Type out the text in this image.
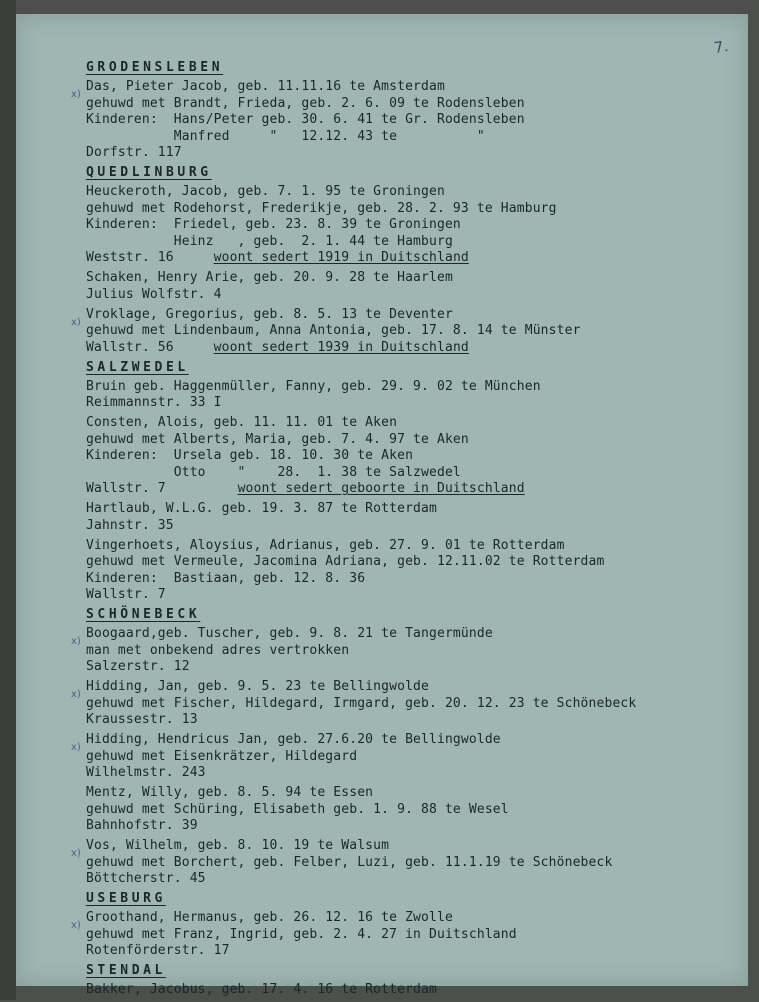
7.
GRODENSLEBEN
Das, Pieter Jacob, geb. 11.11.16 te Amsterdam
gehuwd met Brandt, Frieda, geb. 2. 6. 09 te Rodensleben
Kinderen:  Hans/Peter geb. 30. 6. 41 te Gr. Rodensleben
Manfred     "   12.12. 43 te          "
Dorfstr. 117
QUEDLINBURG
Heuckeroth, Jacob, geb. 7. 1. 95 te Groningen
gehuwd met Rodehorst, Frederikje, geb. 28. 2. 93 te Hamburg
Kinderen:  Friedel, geb. 23. 8. 39 te Groningen
Heinz   , geb.  2. 1. 44 te Hamburg
Weststr. 16     woont sedert 1919 in Duitschland
Schaken, Henry Arie, geb. 20. 9. 28 te Haarlem
Julius Wolfstr. 4
Vroklage, Gregorius, geb. 8. 5. 13 te Deventer
gehuwd met Lindenbaum, Anna Antonia, geb. 17. 8. 14 te Münster
Wallstr. 56     woont sedert 1939 in Duitschland
SALZWEDEL
Bruin geb. Haggenmüller, Fanny, geb. 29. 9. 02 te München
Reimmannstr. 33 I
Consten, Alois, geb. 11. 11. 01 te Aken
gehuwd met Alberts, Maria, geb. 7. 4. 97 te Aken
Kinderen:  Ursela geb. 18. 10. 30 te Aken
Otto    "    28.  1. 38 te Salzwedel
Wallstr. 7         woont sedert geboorte in Duitschland
Hartlaub, W.L.G. geb. 19. 3. 87 te Rotterdam
Jahnstr. 35
Vingerhoets, Aloysius, Adrianus, geb. 27. 9. 01 te Rotterdam
gehuwd met Vermeule, Jacomina Adriana, geb. 12.11.02 te Rotterdam
Kinderen:  Bastiaan, geb. 12. 8. 36
Wallstr. 7
SCHÖNEBECK
Boogaard,geb. Tuscher, geb. 9. 8. 21 te Tangermünde
man met onbekend adres vertrokken
Salzerstr. 12
Hidding, Jan, geb. 9. 5. 23 te Bellingwolde
gehuwd met Fischer, Hildegard, Irmgard, geb. 20. 12. 23 te Schönebeck
Kraussestr. 13
Hidding, Hendricus Jan, geb. 27.6.20 te Bellingwolde
gehuwd met Eisenkrätzer, Hildegard
Wilhelmstr. 243
Mentz, Willy, geb. 8. 5. 94 te Essen
gehuwd met Schüring, Elisabeth geb. 1. 9. 88 te Wesel
Bahnhofstr. 39
Vos, Wilhelm, geb. 8. 10. 19 te Walsum
gehuwd met Borchert, geb. Felber, Luzi, geb. 11.1.19 te Schönebeck
Böttcherstr. 45
USEBURG
Groothand, Hermanus, geb. 26. 12. 16 te Zwolle
gehuwd met Franz, Ingrid, geb. 2. 4. 27 in Duitschland
Rotenförderstr. 17
STENDAL
Bakker, Jacobus, geb. 17. 4. 16 te Rotterdam
x)
x)
x)
x)
x)
x)
x)
